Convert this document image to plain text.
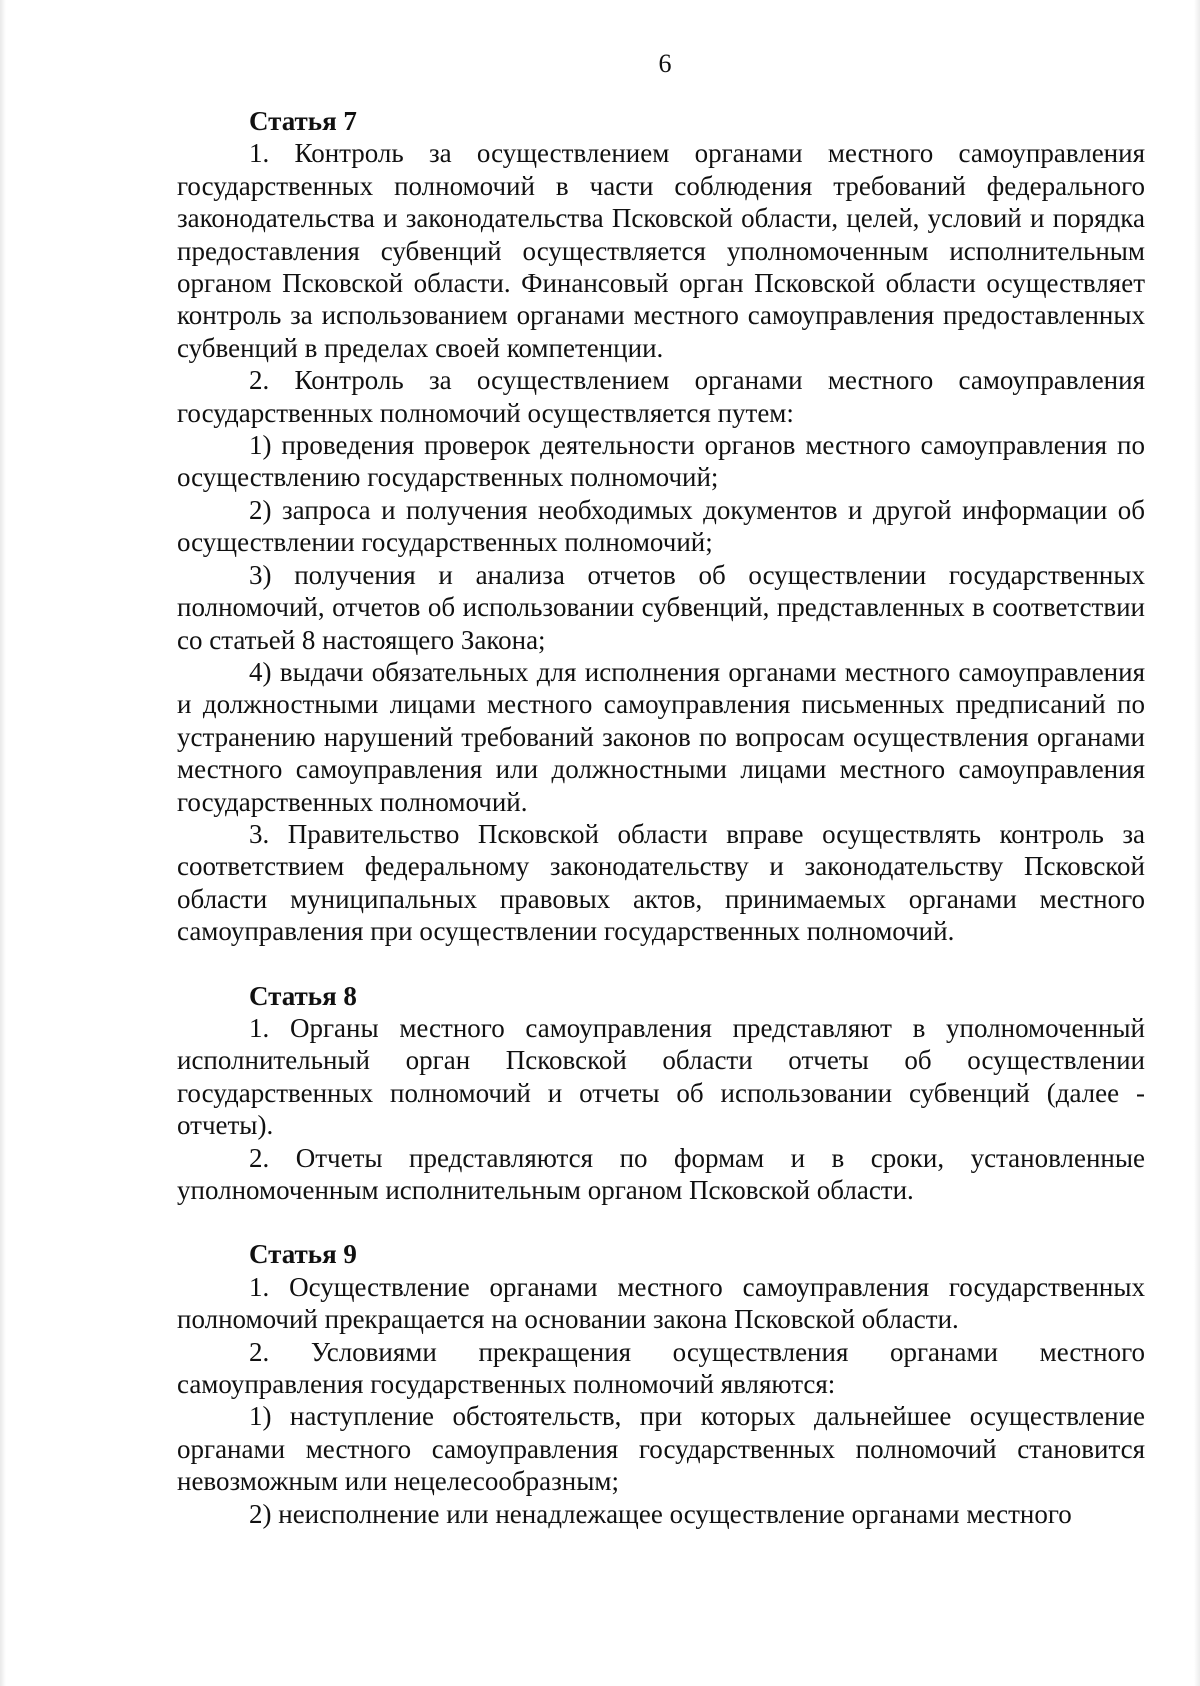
6
Статья 7

1. Контроль за осуществлением органами местного самоуправления государственных полномочий в части соблюдения требований федерального законодательства и законодательства Псковской области, целей, условий и порядка предоставления субвенций осуществляется уполномоченным исполнительным органом Псковской области. Финансовый орган Псковской области осуществляет контроль за использованием органами местного самоуправления предоставленных субвенций в пределах своей компетенции.

2. Контроль за осуществлением органами местного самоуправления государственных полномочий осуществляется путем:

1) проведения проверок деятельности органов местного самоуправления по осуществлению государственных полномочий;

2) запроса и получения необходимых документов и другой информации об осуществлении государственных полномочий;

3) получения и анализа отчетов об осуществлении государственных полномочий, отчетов об использовании субвенций, представленных в соответствии со статьей 8 настоящего Закона;

4) выдачи обязательных для исполнения органами местного самоуправления и должностными лицами местного самоуправления письменных предписаний по устранению нарушений требований законов по вопросам осуществления органами местного самоуправления или должностными лицами местного самоуправления государственных полномочий.

3. Правительство Псковской области вправе осуществлять контроль за соответствием федеральному законодательству и законодательству Псковской области муниципальных правовых актов, принимаемых органами местного самоуправления при осуществлении государственных полномочий.

Статья 8

1. Органы местного самоуправления представляют в уполномоченный исполнительный орган Псковской области отчеты об осуществлении государственных полномочий и отчеты об использовании субвенций (далее - отчеты).

2. Отчеты представляются по формам и в сроки, установленные уполномоченным исполнительным органом Псковской области.

Статья 9

1. Осуществление органами местного самоуправления государственных полномочий прекращается на основании закона Псковской области.

2. Условиями прекращения осуществления органами местного самоуправления государственных полномочий являются:

1) наступление обстоятельств, при которых дальнейшее осуществление органами местного самоуправления государственных полномочий становится невозможным или нецелесообразным;

2) неисполнение или ненадлежащее осуществление органами местного
